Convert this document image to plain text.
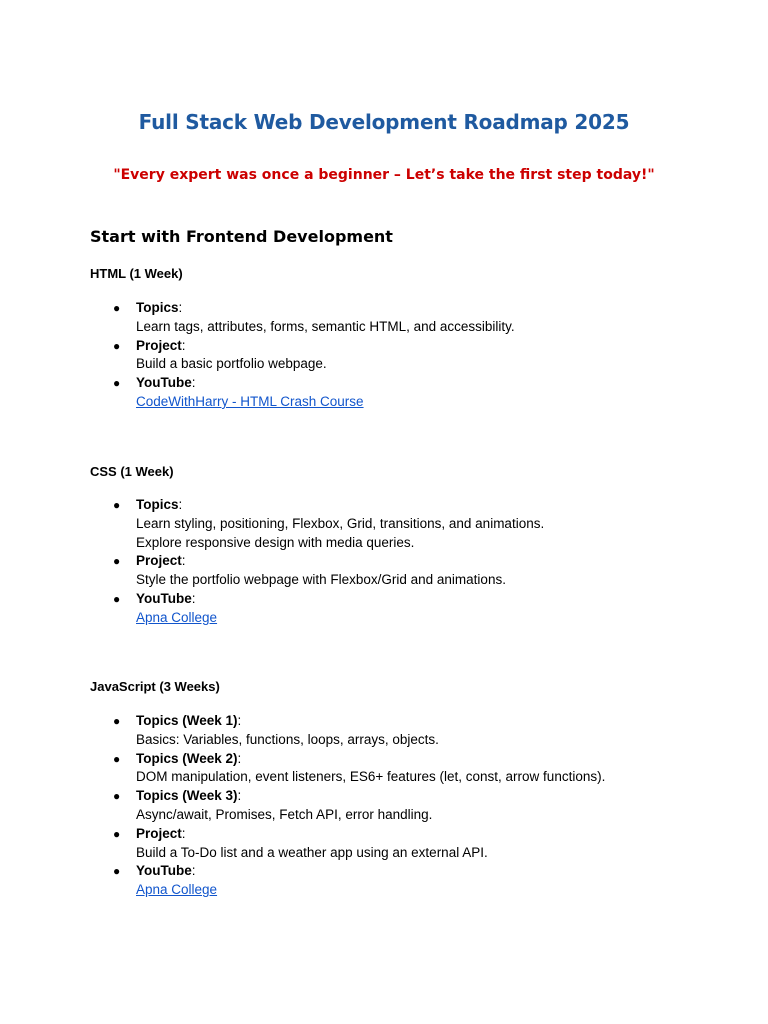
Full Stack Web Development Roadmap 2025
"Every expert was once a beginner – Let’s take the first step today!"
Start with Frontend Development
HTML (1 Week)
● Topics:
Learn tags, attributes, forms, semantic HTML, and accessibility.
● Project:
Build a basic portfolio webpage.
● YouTube:
CodeWithHarry - HTML Crash Course
CSS (1 Week)
● Topics:
Learn styling, positioning, Flexbox, Grid, transitions, and animations.
Explore responsive design with media queries.
● Project:
Style the portfolio webpage with Flexbox/Grid and animations.
● YouTube:
Apna College
JavaScript (3 Weeks)
● Topics (Week 1):
Basics: Variables, functions, loops, arrays, objects.
● Topics (Week 2):
DOM manipulation, event listeners, ES6+ features (let, const, arrow functions).
● Topics (Week 3):
Async/await, Promises, Fetch API, error handling.
● Project:
Build a To-Do list and a weather app using an external API.
● YouTube:
Apna College
